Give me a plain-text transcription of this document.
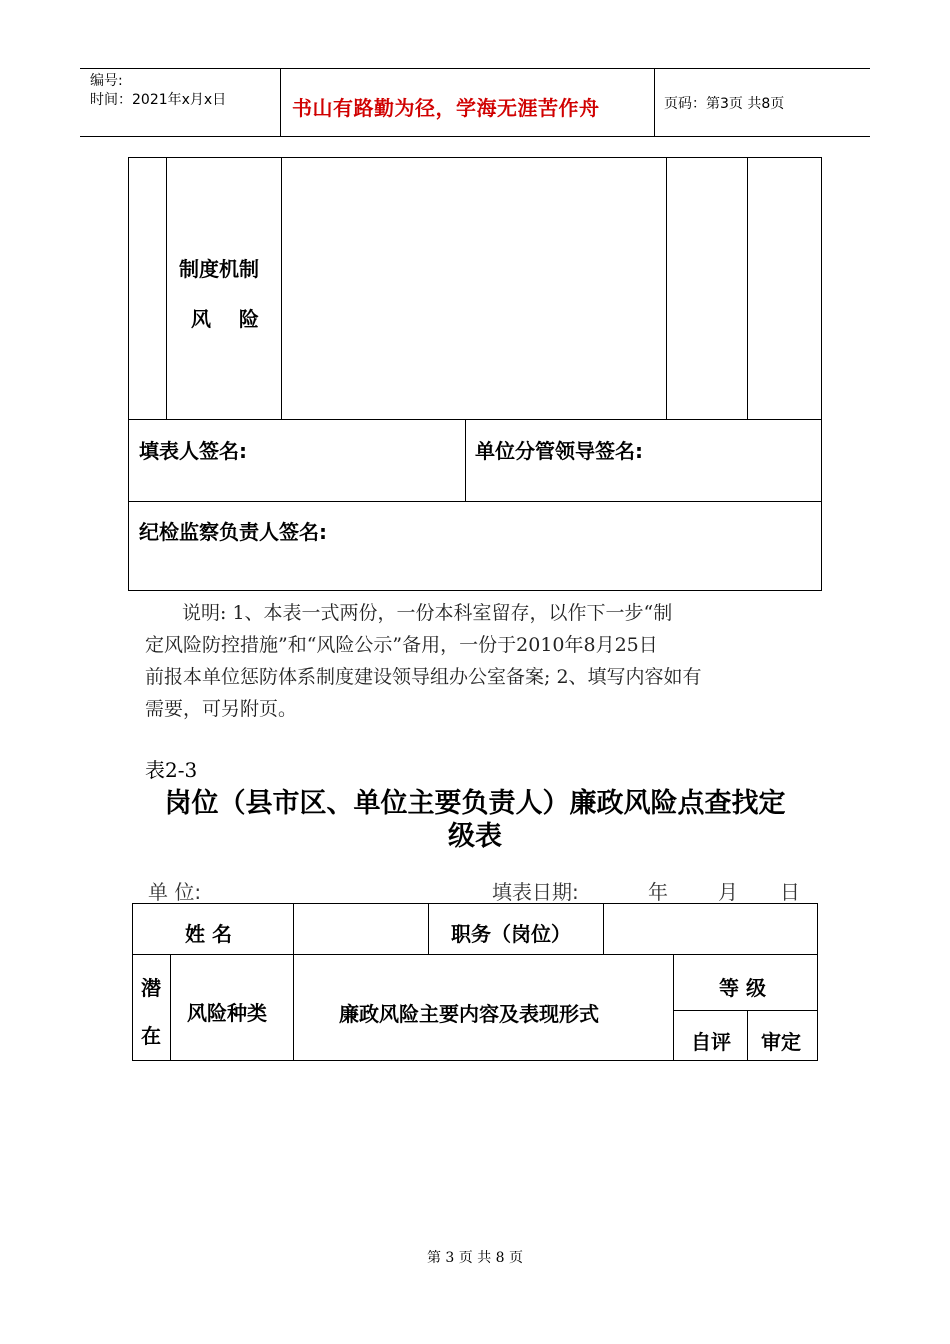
编号:
时间：2021年x月x日	书山有路勤为径，学海无涯苦作舟	页码：第3页 共8页
制度机制
风    险
填表人签名:	单位分管领导签名:
纪检监察负责人签名:
说明: 1、本表一式两份，一份本科室留存，以作下一步“制
定风险防控措施”和“风险公示”备用，一份于2010年8月25日
前报本单位惩防体系制度建设领导组办公室备案; 2、填写内容如有
需要，可另附页。
表2-3
岗位（县市区、单位主要负责人）廉政风险点查找定
级表
单 位:	填表日期:	年	月 日
姓 名	职务（岗位）
潜
在
风险种类	廉政风险主要内容及表现形式
等 级
自评 审定
第 3 页 共 8 页
